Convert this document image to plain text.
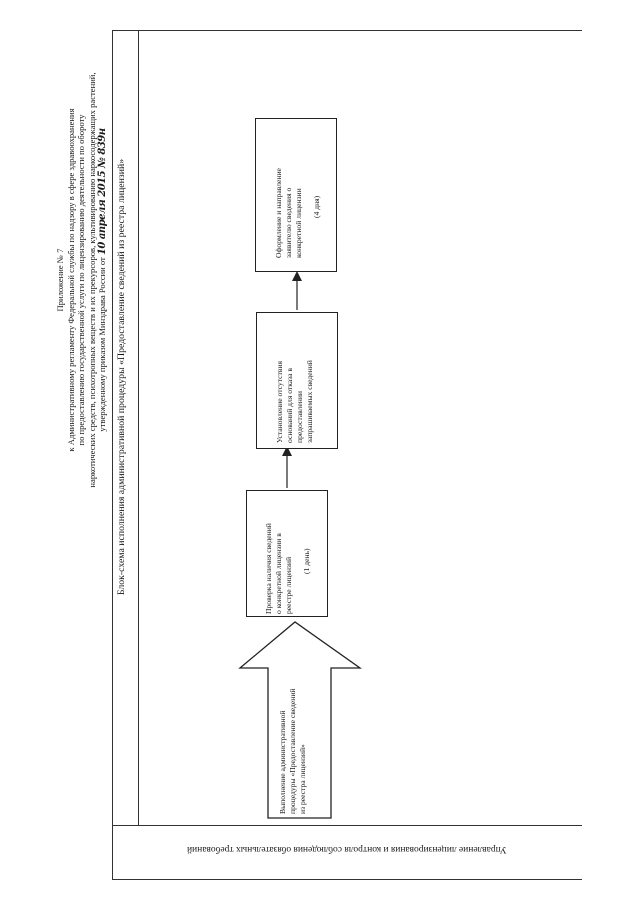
Приложение № 7 к Административному регламенту Федеральной службы по надзору в сфере здравоохранения по предоставлению государственной услуги по лицензированию деятельности по обороту наркотических средств, психотропных веществ и их прекурсоров, культивированию наркосодержащих растений, утвержденному приказом Минздрава России от 10 апреля 2015 № 839н
Управление лицензирования и контроля соблюдения обязательных требований
Блок-схема исполнения административной процедуры «Предоставление сведений из реестра лицензий»
Выполнение административной процедуры «Предоставление сведений из реестра лицензий»
Проверка наличия сведений о конкретной лицензии в реестре лицензий (1 день)
Установление отсутствия оснований для отказа в предоставлении запрашиваемых сведений
Оформление и направление заявителю сведения о конкретной лицензии (4 дня)
